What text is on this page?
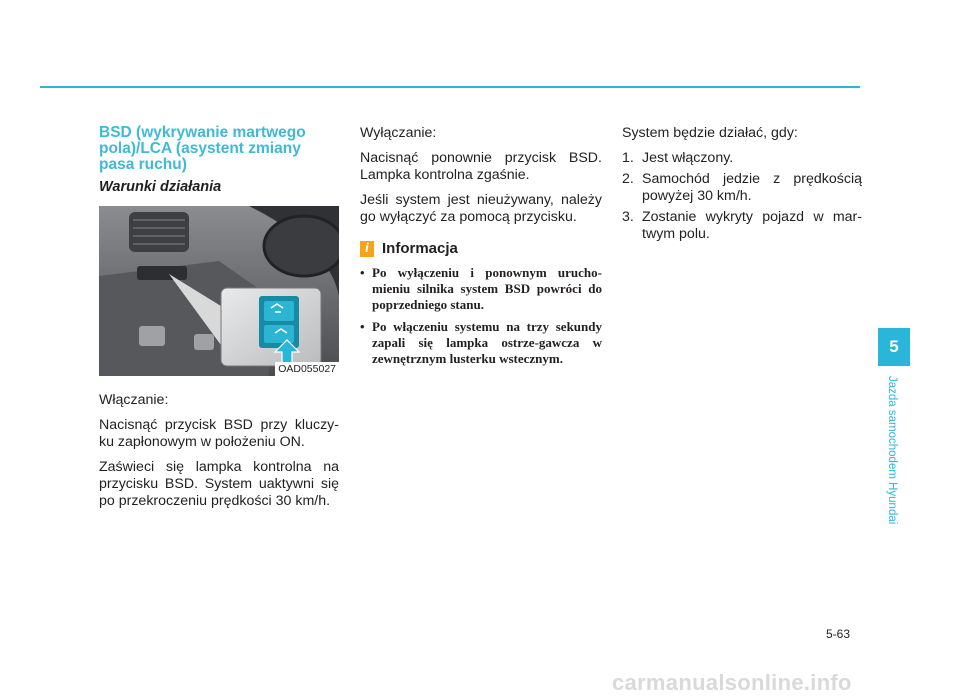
BSD (wykrywanie martwego pola)/LCA (asystent zmiany pasa ruchu)
Warunki działania
OAD055027

Włączanie:

Nacisnąć przycisk BSD przy kluczy-ku zapłonowym w położeniu ON.

Zaświeci się lampka kontrolna na przycisku BSD. System uaktywni się po przekroczeniu prędkości 30 km/h.

Wyłączanie:

Nacisnąć ponownie przycisk BSD. Lampka kontrolna zgaśnie.

Jeśli system jest nieużywany, należy go wyłączyć za pomocą przycisku.

i Informacja
• Po wyłączeniu i ponownym urucho-mieniu silnika system BSD powróci do poprzedniego stanu.
• Po włączeniu systemu na trzy sekundy zapali się lampka ostrze-gawcza w zewnętrznym lusterku wstecznym.

System będzie działać, gdy:

1. Jest włączony.
2. Samochód jedzie z prędkością powyżej 30 km/h.
3. Zostanie wykryty pojazd w mar-twym polu.
5
Jazda samochodem Hyundai
5-63
carmanualsonline.info
